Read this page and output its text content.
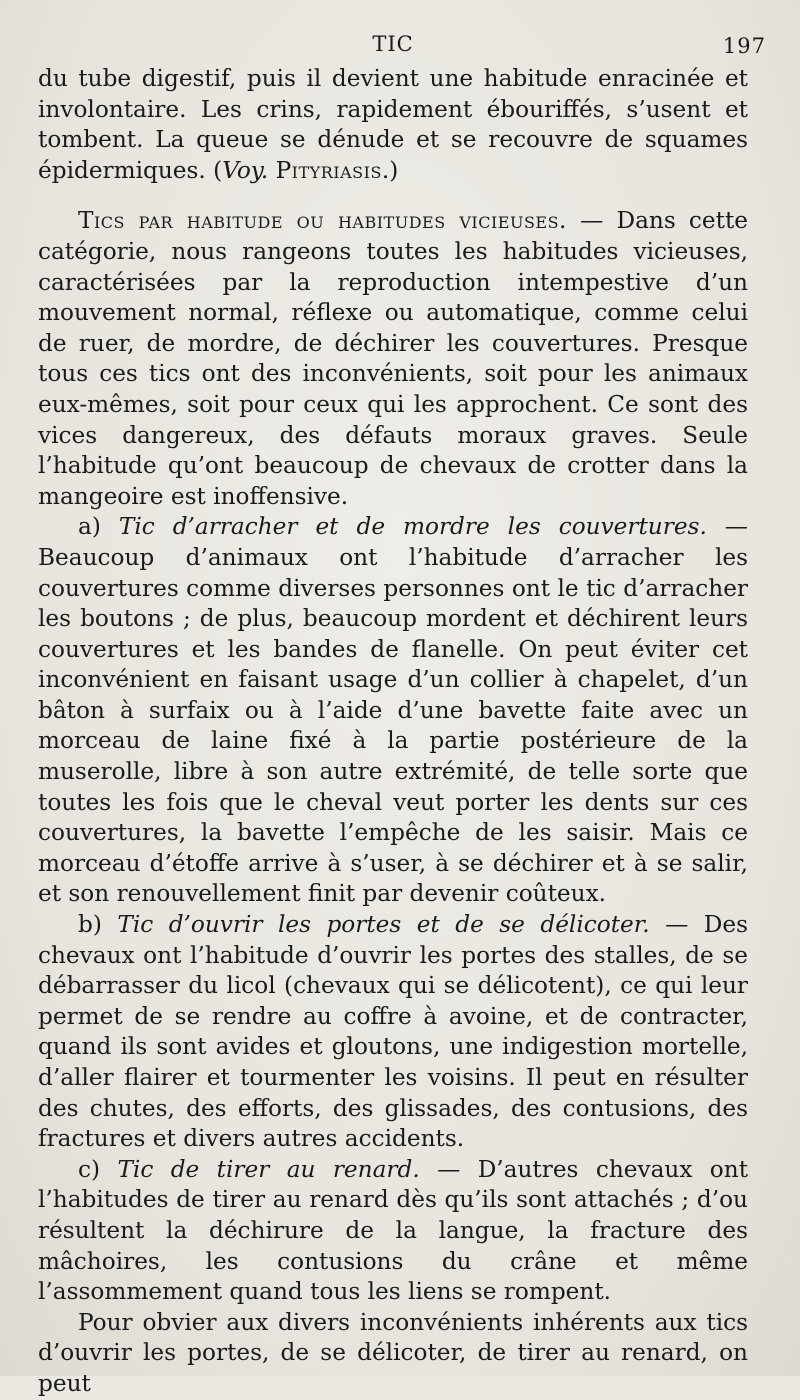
TIC	197

du tube digestif, puis il devient une habitude enracinée et involontaire. Les crins, rapidement ébouriffés, s’usent et tombent. La queue se dénude et se recouvre de squames épidermiques. (Voy. Pityriasis.)

Tics par habitude ou habitudes vicieuses. — Dans cette catégorie, nous rangeons toutes les habitudes vicieuses, caractérisées par la reproduction intempestive d’un mouvement normal, réflexe ou automatique, comme celui de ruer, de mordre, de déchirer les couvertures. Presque tous ces tics ont des inconvénients, soit pour les animaux eux-mêmes, soit pour ceux qui les approchent. Ce sont des vices dangereux, des défauts moraux graves. Seule l’habitude qu’ont beaucoup de chevaux de crotter dans la mangeoire est inoffensive.

a) Tic d’arracher et de mordre les couvertures. — Beaucoup d’animaux ont l’habitude d’arracher les couvertures comme diverses personnes ont le tic d’arracher les boutons ; de plus, beaucoup mordent et déchirent leurs couvertures et les bandes de flanelle. On peut éviter cet inconvénient en faisant usage d’un collier à chapelet, d’un bâton à surfaix ou à l’aide d’une bavette faite avec un morceau de laine fixé à la partie postérieure de la muserolle, libre à son autre extrémité, de telle sorte que toutes les fois que le cheval veut porter les dents sur ces couvertures, la bavette l’empêche de les saisir. Mais ce morceau d’étoffe arrive à s’user, à se déchirer et à se salir, et son renouvellement finit par devenir coûteux.

b) Tic d’ouvrir les portes et de se délicoter. — Des chevaux ont l’habitude d’ouvrir les portes des stalles, de se débarrasser du licol (chevaux qui se délicotent), ce qui leur permet de se rendre au coffre à avoine, et de contracter, quand ils sont avides et gloutons, une indigestion mortelle, d’aller flairer et tourmenter les voisins. Il peut en résulter des chutes, des efforts, des glissades, des contusions, des fractures et divers autres accidents.

c) Tic de tirer au renard. — D’autres chevaux ont l’habitudes de tirer au renard dès qu’ils sont attachés ; d’ou résultent la déchirure de la langue, la fracture des mâchoires, les contusions du crâne et même l’assommement quand tous les liens se rompent.

Pour obvier aux divers inconvénients inhérents aux tics d’ouvrir les portes, de se délicoter, de tirer au renard, on peut
